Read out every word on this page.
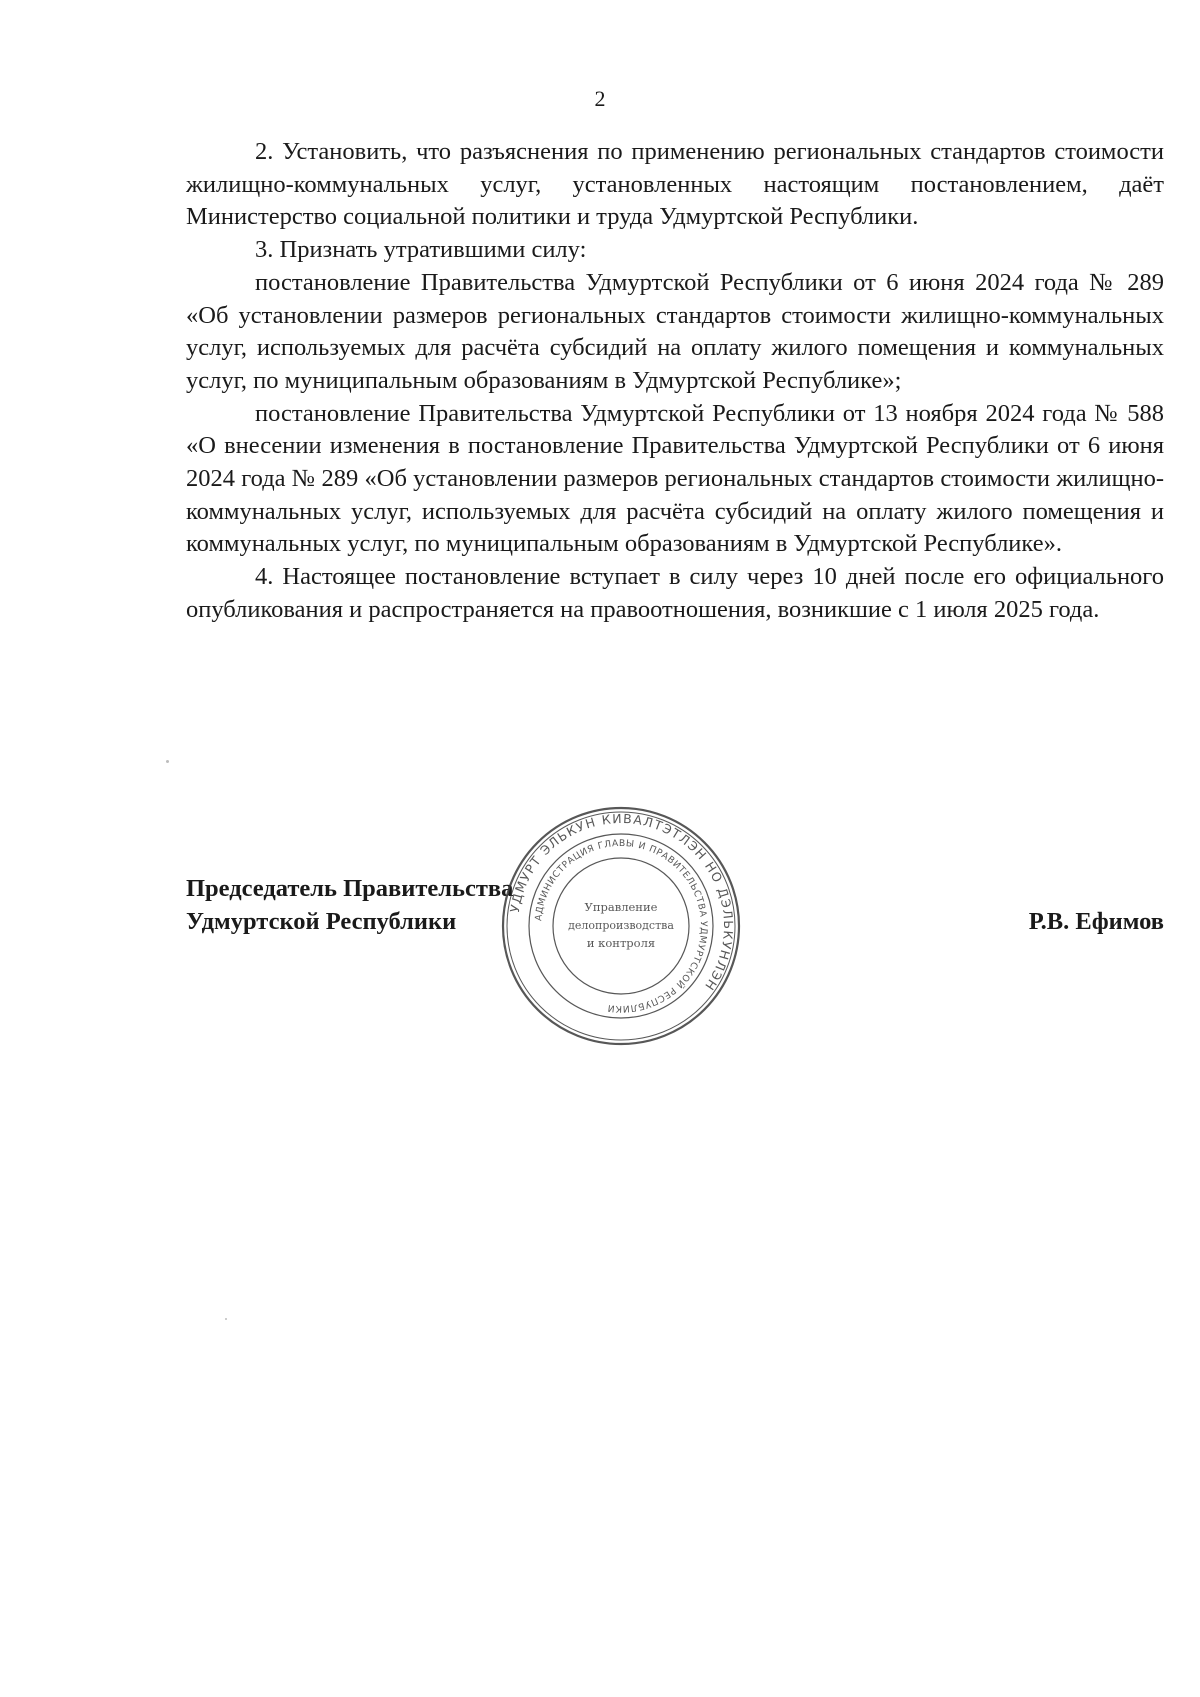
2

2. Установить, что разъяснения по применению региональных стандартов стоимости жилищно-коммунальных услуг, установленных настоящим постановлением, даёт Министерство социальной политики и труда Удмуртской Республики.

3. Признать утратившими силу:

постановление Правительства Удмуртской Республики от 6 июня 2024 года № 289 «Об установлении размеров региональных стандартов стоимости жилищно-коммунальных услуг, используемых для расчёта субсидий на оплату жилого помещения и коммунальных услуг, по муниципальным образованиям в Удмуртской Республике»;

постановление Правительства Удмуртской Республики от 13 ноября 2024 года № 588 «О внесении изменения в постановление Правительства Удмуртской Республики от 6 июня 2024 года № 289 «Об установлении размеров региональных стандартов стоимости жилищно-коммунальных услуг, используемых для расчёта субсидий на оплату жилого помещения и коммунальных услуг, по муниципальным образованиям в Удмуртской Республике».

4. Настоящее постановление вступает в силу через 10 дней после его официального опубликования и распространяется на правоотношения, возникшие с 1 июля 2025 года.

Председатель Правительства
Удмуртской Республики	Р.В. Ефимов
УДМУРТ ЭЛЬКУН КИВАЛТЭТЛЭН НО ДЭЛЬКУНЛЭН
АДМИНИСТРАЦИЯ ГЛАВЫ И ПРАВИТЕЛЬСТВА УДМУРТСКОЙ РЕСПУБЛИКИ
Управление
делопроизводства
и контроля
